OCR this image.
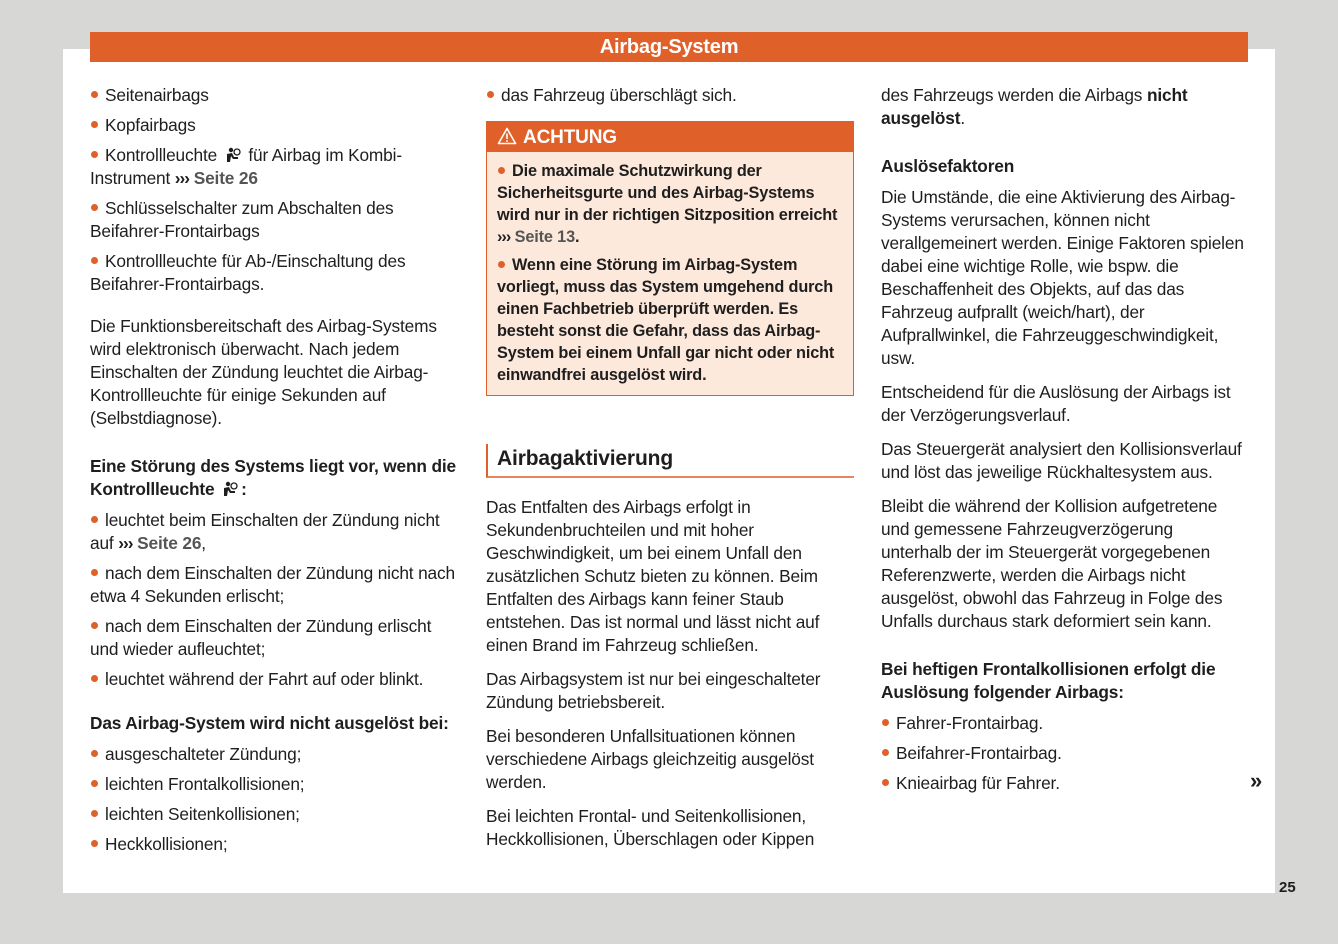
Airbag-System
Seitenairbags
Kopfairbags
Kontrollleuchte für Airbag im Kombi-Instrument ››› Seite 26
Schlüsselschalter zum Abschalten des Beifahrer-Frontairbags
Kontrollleuchte für Ab-/Einschaltung des Beifahrer-Frontairbags.

Die Funktionsbereitschaft des Airbag-Systems wird elektronisch überwacht. Nach jedem Einschalten der Zündung leuchtet die Airbag-Kontrollleuchte für einige Sekunden auf (Selbstdiagnose).

Eine Störung des Systems liegt vor, wenn die Kontrollleuchte :
leuchtet beim Einschalten der Zündung nicht auf ››› Seite 26,
nach dem Einschalten der Zündung nicht nach etwa 4 Sekunden erlischt;
nach dem Einschalten der Zündung erlischt und wieder aufleuchtet;
leuchtet während der Fahrt auf oder blinkt.
Das Airbag-System wird nicht ausgelöst bei:
ausgeschalteter Zündung;
leichten Frontalkollisionen;
leichten Seitenkollisionen;
Heckkollisionen;
das Fahrzeug überschlägt sich.
ACHTUNG
Die maximale Schutzwirkung der Sicherheitsgurte und des Airbag-Systems wird nur in der richtigen Sitzposition erreicht ››› Seite 13.
Wenn eine Störung im Airbag-System vorliegt, muss das System umgehend durch einen Fachbetrieb überprüft werden. Es besteht sonst die Gefahr, dass das Airbag-System bei einem Unfall gar nicht oder nicht einwandfrei ausgelöst wird.
Airbagaktivierung

Das Entfalten des Airbags erfolgt in Sekundenbruchteilen und mit hoher Geschwindigkeit, um bei einem Unfall den zusätzlichen Schutz bieten zu können. Beim Entfalten des Airbags kann feiner Staub entstehen. Das ist normal und lässt nicht auf einen Brand im Fahrzeug schließen.

Das Airbagsystem ist nur bei eingeschalteter Zündung betriebsbereit.

Bei besonderen Unfallsituationen können verschiedene Airbags gleichzeitig ausgelöst werden.

Bei leichten Frontal- und Seitenkollisionen, Heckkollisionen, Überschlagen oder Kippen

des Fahrzeugs werden die Airbags nicht ausgelöst.

Auslösefaktoren

Die Umstände, die eine Aktivierung des Airbag-Systems verursachen, können nicht verallgemeinert werden. Einige Faktoren spielen dabei eine wichtige Rolle, wie bspw. die Beschaffenheit des Objekts, auf das das Fahrzeug aufprallt (weich/hart), der Aufprallwinkel, die Fahrzeuggeschwindigkeit, usw.

Entscheidend für die Auslösung der Airbags ist der Verzögerungsverlauf.

Das Steuergerät analysiert den Kollisionsverlauf und löst das jeweilige Rückhaltesystem aus.

Bleibt die während der Kollision aufgetretene und gemessene Fahrzeugverzögerung unterhalb der im Steuergerät vorgegebenen Referenzwerte, werden die Airbags nicht ausgelöst, obwohl das Fahrzeug in Folge des Unfalls durchaus stark deformiert sein kann.

Bei heftigen Frontalkollisionen erfolgt die Auslösung folgender Airbags:
Fahrer-Frontairbag.
Beifahrer-Frontairbag.
Knieairbag für Fahrer.	»
25
